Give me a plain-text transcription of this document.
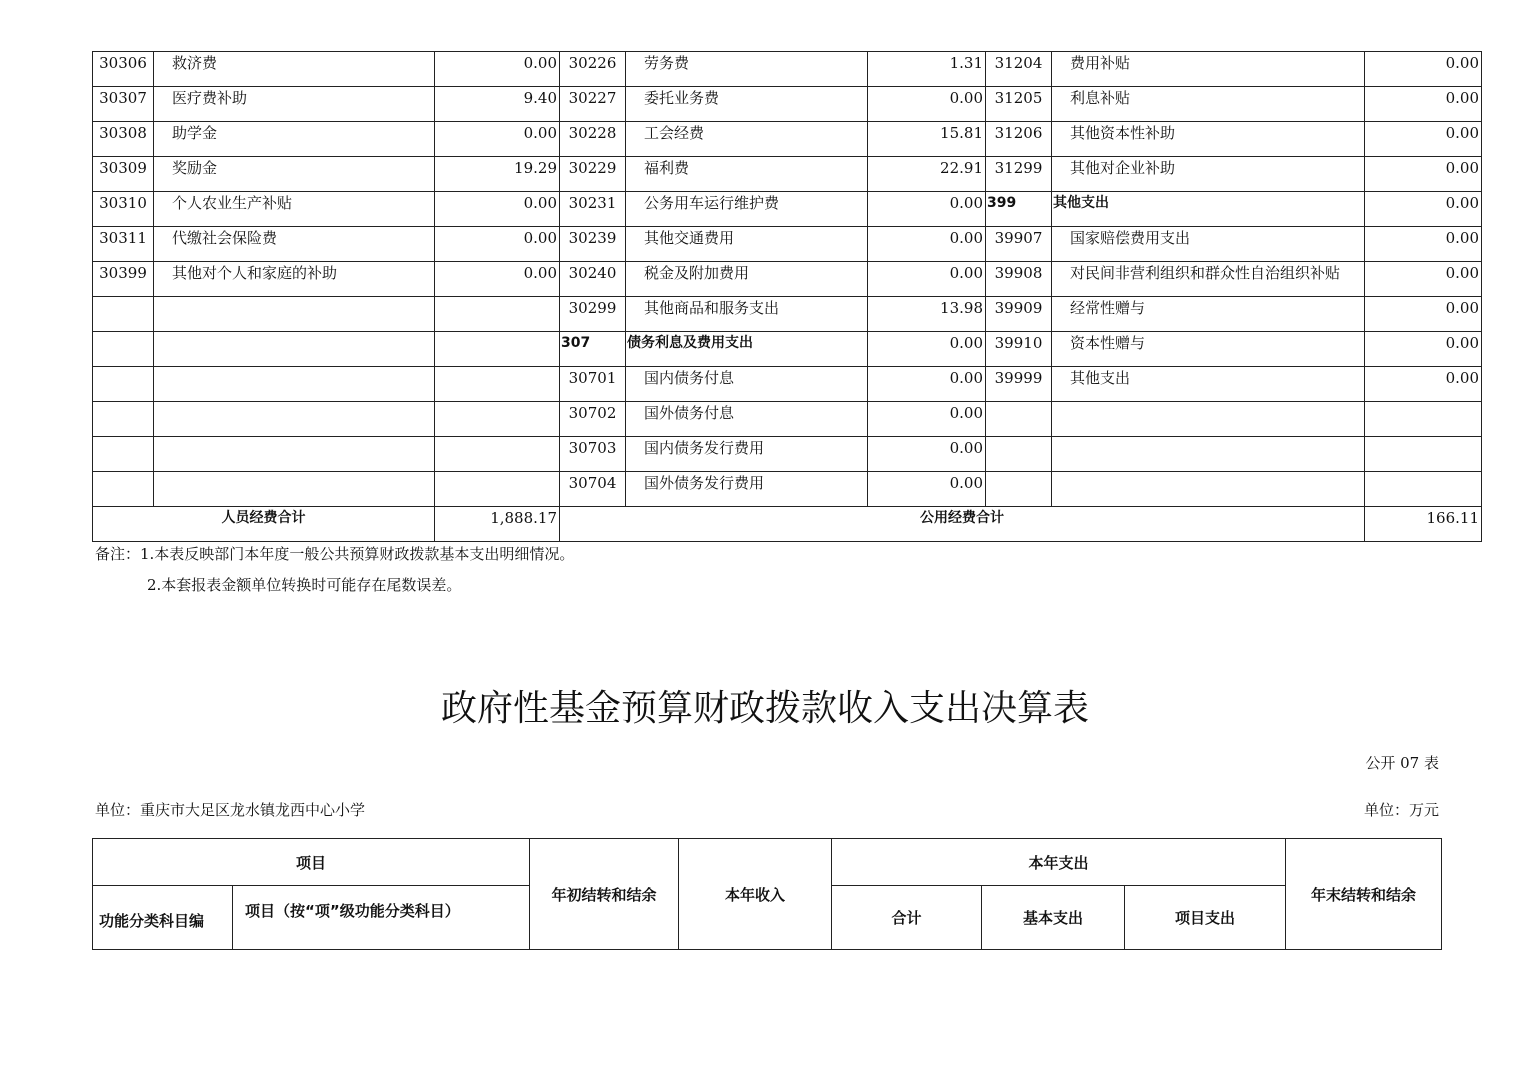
30306	救济费	0.00	30226	劳务费	1.31	31204	费用补贴	0.00
30307	医疗费补助	9.40	30227	委托业务费	0.00	31205	利息补贴	0.00
30308	助学金	0.00	30228	工会经费	15.81	31206	其他资本性补助	0.00
30309	奖励金	19.29	30229	福利费	22.91	31299	其他对企业补助	0.00
30310	个人农业生产补贴	0.00	30231	公务用车运行维护费	0.00	399	其他支出	0.00
30311	代缴社会保险费	0.00	30239	其他交通费用	0.00	39907	国家赔偿费用支出	0.00
30399	其他对个人和家庭的补助	0.00	30240	税金及附加费用	0.00	39908	对民间非营利组织和群众性自治组织补贴	0.00
			30299	其他商品和服务支出	13.98	39909	经常性赠与	0.00
			307	债务利息及费用支出	0.00	39910	资本性赠与	0.00
			30701	国内债务付息	0.00	39999	其他支出	0.00
			30702	国外债务付息	0.00			
			30703	国内债务发行费用	0.00			
			30704	国外债务发行费用	0.00			
人员经费合计		1,888.17	公用经费合计					166.11
备注：1.本表反映部门本年度一般公共预算财政拨款基本支出明细情况。
2.本套报表金额单位转换时可能存在尾数误差。
政府性基金预算财政拨款收入支出决算表
公开 07 表
单位：重庆市大足区龙水镇龙西中心小学	单位：万元
项目		年初结转和结余	本年收入	本年支出			年末结转和结余
功能分类科目编	项目（按“项”级功能分类科目）			合计	基本支出	项目支出	
